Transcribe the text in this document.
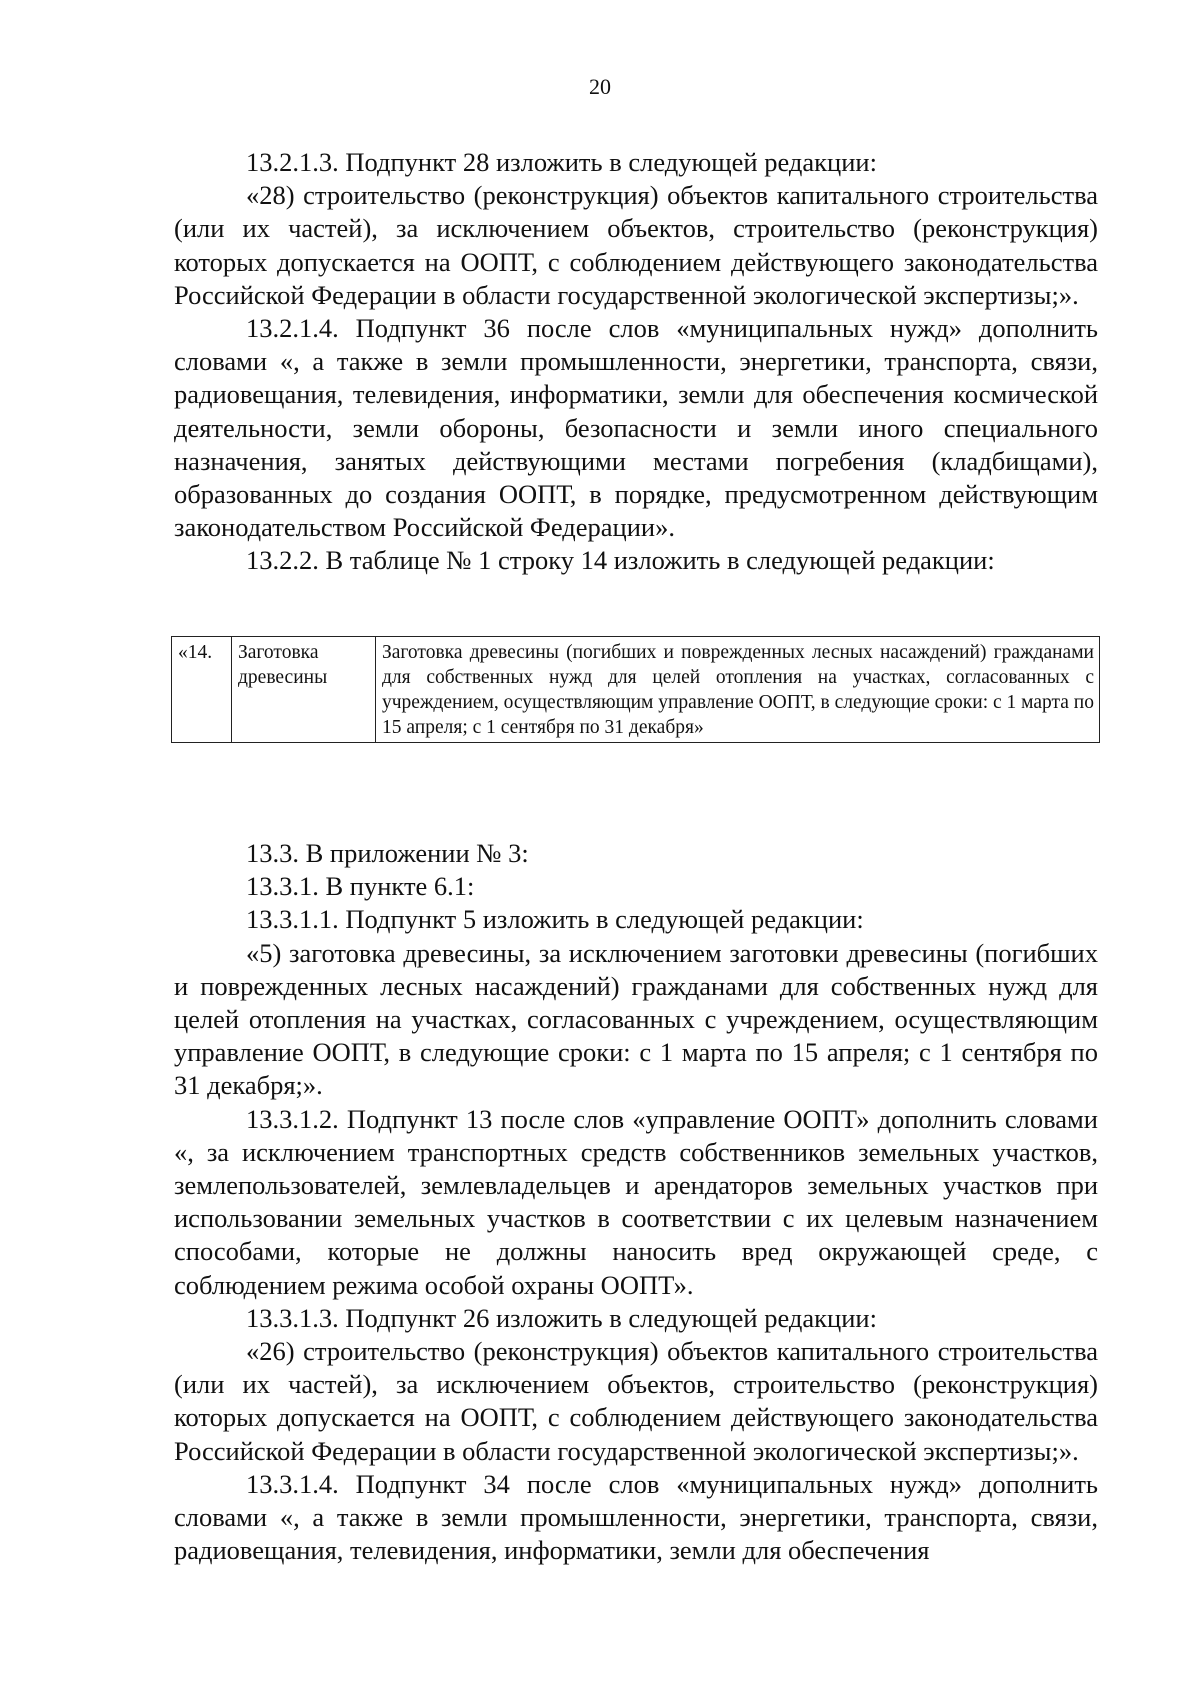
20

13.2.1.3. Подпункт 28 изложить в следующей редакции:

«28) строительство (реконструкция) объектов капитального строительства (или их частей), за исключением объектов, строительство (реконструкция) которых допускается на ООПТ, с соблюдением действующего законодательства Российской Федерации в области государственной экологической экспертизы;».

13.2.1.4. Подпункт 36 после слов «муниципальных нужд» дополнить словами «, а также в земли промышленности, энергетики, транспорта, связи, радиовещания, телевидения, информатики, земли для обеспечения космической деятельности, земли обороны, безопасности и земли иного специального назначения, занятых действующими местами погребения (кладбищами), образованных до создания ООПТ, в порядке, предусмотренном действующим законодательством Российской Федерации».

13.2.2. В таблице № 1 строку 14 изложить в следующей редакции:

«14.	Заготовка древесины	Заготовка древесины (погибших и поврежденных лесных насаждений) гражданами для собственных нужд для целей отопления на участках, согласованных с учреждением, осуществляющим управление ООПТ, в следующие сроки: с 1 марта по 15 апреля; с 1 сентября по 31 декабря»

13.3. В приложении № 3:

13.3.1. В пункте 6.1:

13.3.1.1. Подпункт 5 изложить в следующей редакции:

«5) заготовка древесины, за исключением заготовки древесины (погибших и поврежденных лесных насаждений) гражданами для собственных нужд для целей отопления на участках, согласованных с учреждением, осуществляющим управление ООПТ, в следующие сроки: с 1 марта по 15 апреля; с 1 сентября по 31 декабря;».

13.3.1.2. Подпункт 13 после слов «управление ООПТ» дополнить словами «, за исключением транспортных средств собственников земельных участков, землепользователей, землевладельцев и арендаторов земельных участков при использовании земельных участков в соответствии с их целевым назначением способами, которые не должны наносить вред окружающей среде, с соблюдением режима особой охраны ООПТ».

13.3.1.3. Подпункт 26 изложить в следующей редакции:

«26) строительство (реконструкция) объектов капитального строительства (или их частей), за исключением объектов, строительство (реконструкция) которых допускается на ООПТ, с соблюдением действующего законодательства Российской Федерации в области государственной экологической экспертизы;».

13.3.1.4. Подпункт 34 после слов «муниципальных нужд» дополнить словами «, а также в земли промышленности, энергетики, транспорта, связи, радиовещания, телевидения, информатики, земли для обеспечения
